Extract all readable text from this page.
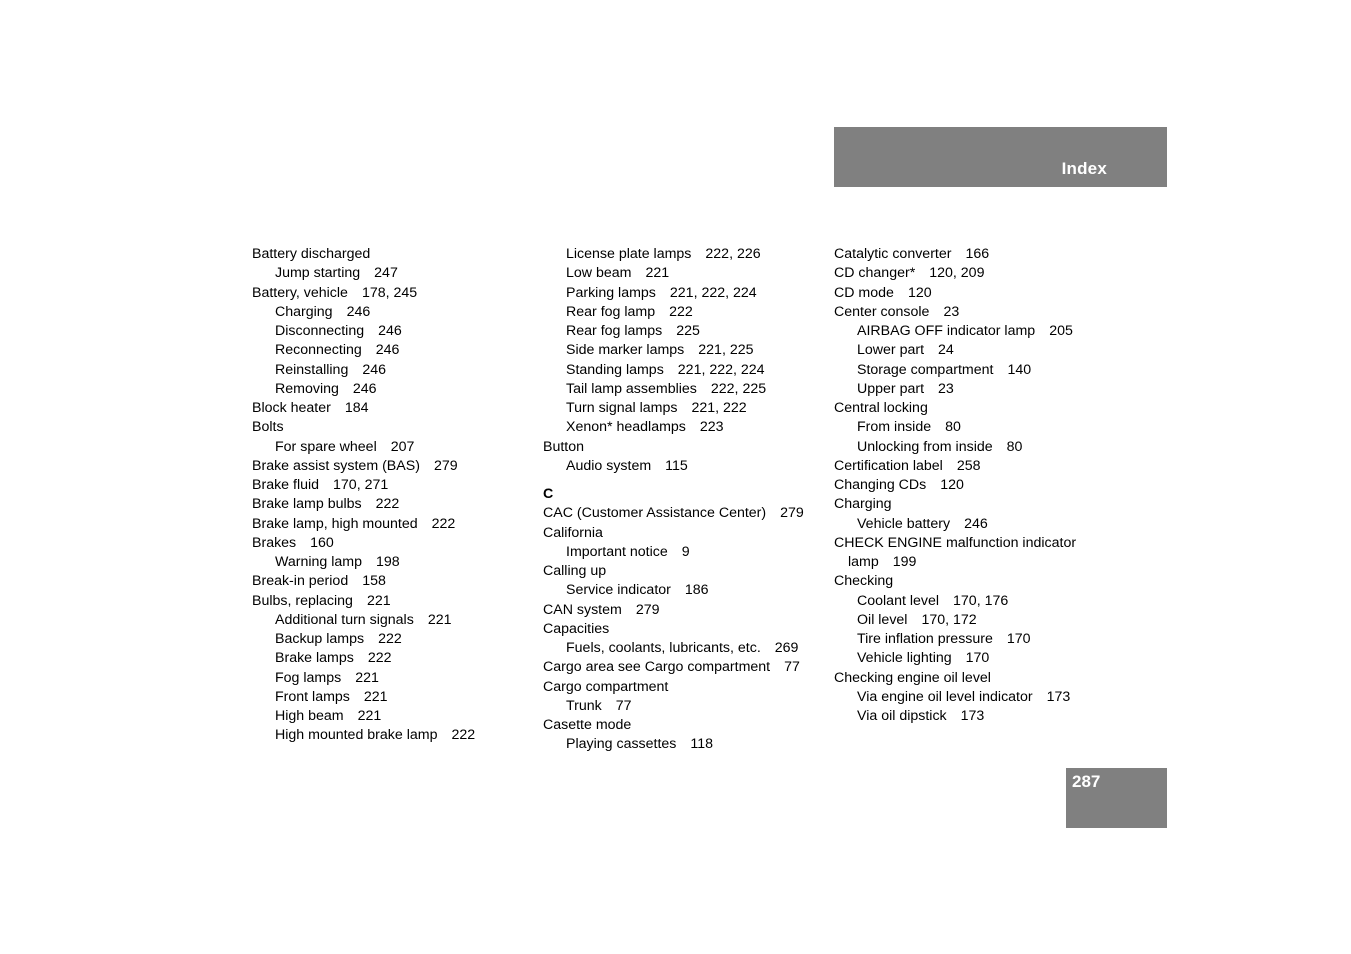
Index
Battery discharged
Jump starting 247
Battery, vehicle 178, 245
Charging 246
Disconnecting 246
Reconnecting 246
Reinstalling 246
Removing 246
Block heater 184
Bolts
For spare wheel 207
Brake assist system (BAS) 279
Brake fluid 170, 271
Brake lamp bulbs 222
Brake lamp, high mounted 222
Brakes 160
Warning lamp 198
Break-in period 158
Bulbs, replacing 221
Additional turn signals 221
Backup lamps 222
Brake lamps 222
Fog lamps 221
Front lamps 221
High beam 221
High mounted brake lamp 222
License plate lamps 222, 226
Low beam 221
Parking lamps 221, 222, 224
Rear fog lamp 222
Rear fog lamps 225
Side marker lamps 221, 225
Standing lamps 221, 222, 224
Tail lamp assemblies 222, 225
Turn signal lamps 221, 222
Xenon* headlamps 223
Button
Audio system 115
C
CAC (Customer Assistance Center) 279
California
Important notice 9
Calling up
Service indicator 186
CAN system 279
Capacities
Fuels, coolants, lubricants, etc. 269
Cargo area see Cargo compartment 77
Cargo compartment
Trunk 77
Casette mode
Playing cassettes 118
Catalytic converter 166
CD changer* 120, 209
CD mode 120
Center console 23
AIRBAG OFF indicator lamp 205
Lower part 24
Storage compartment 140
Upper part 23
Central locking
From inside 80
Unlocking from inside 80
Certification label 258
Changing CDs 120
Charging
Vehicle battery 246
CHECK ENGINE malfunction indicator
lamp 199
Checking
Coolant level 170, 176
Oil level 170, 172
Tire inflation pressure 170
Vehicle lighting 170
Checking engine oil level
Via engine oil level indicator 173
Via oil dipstick 173
287
